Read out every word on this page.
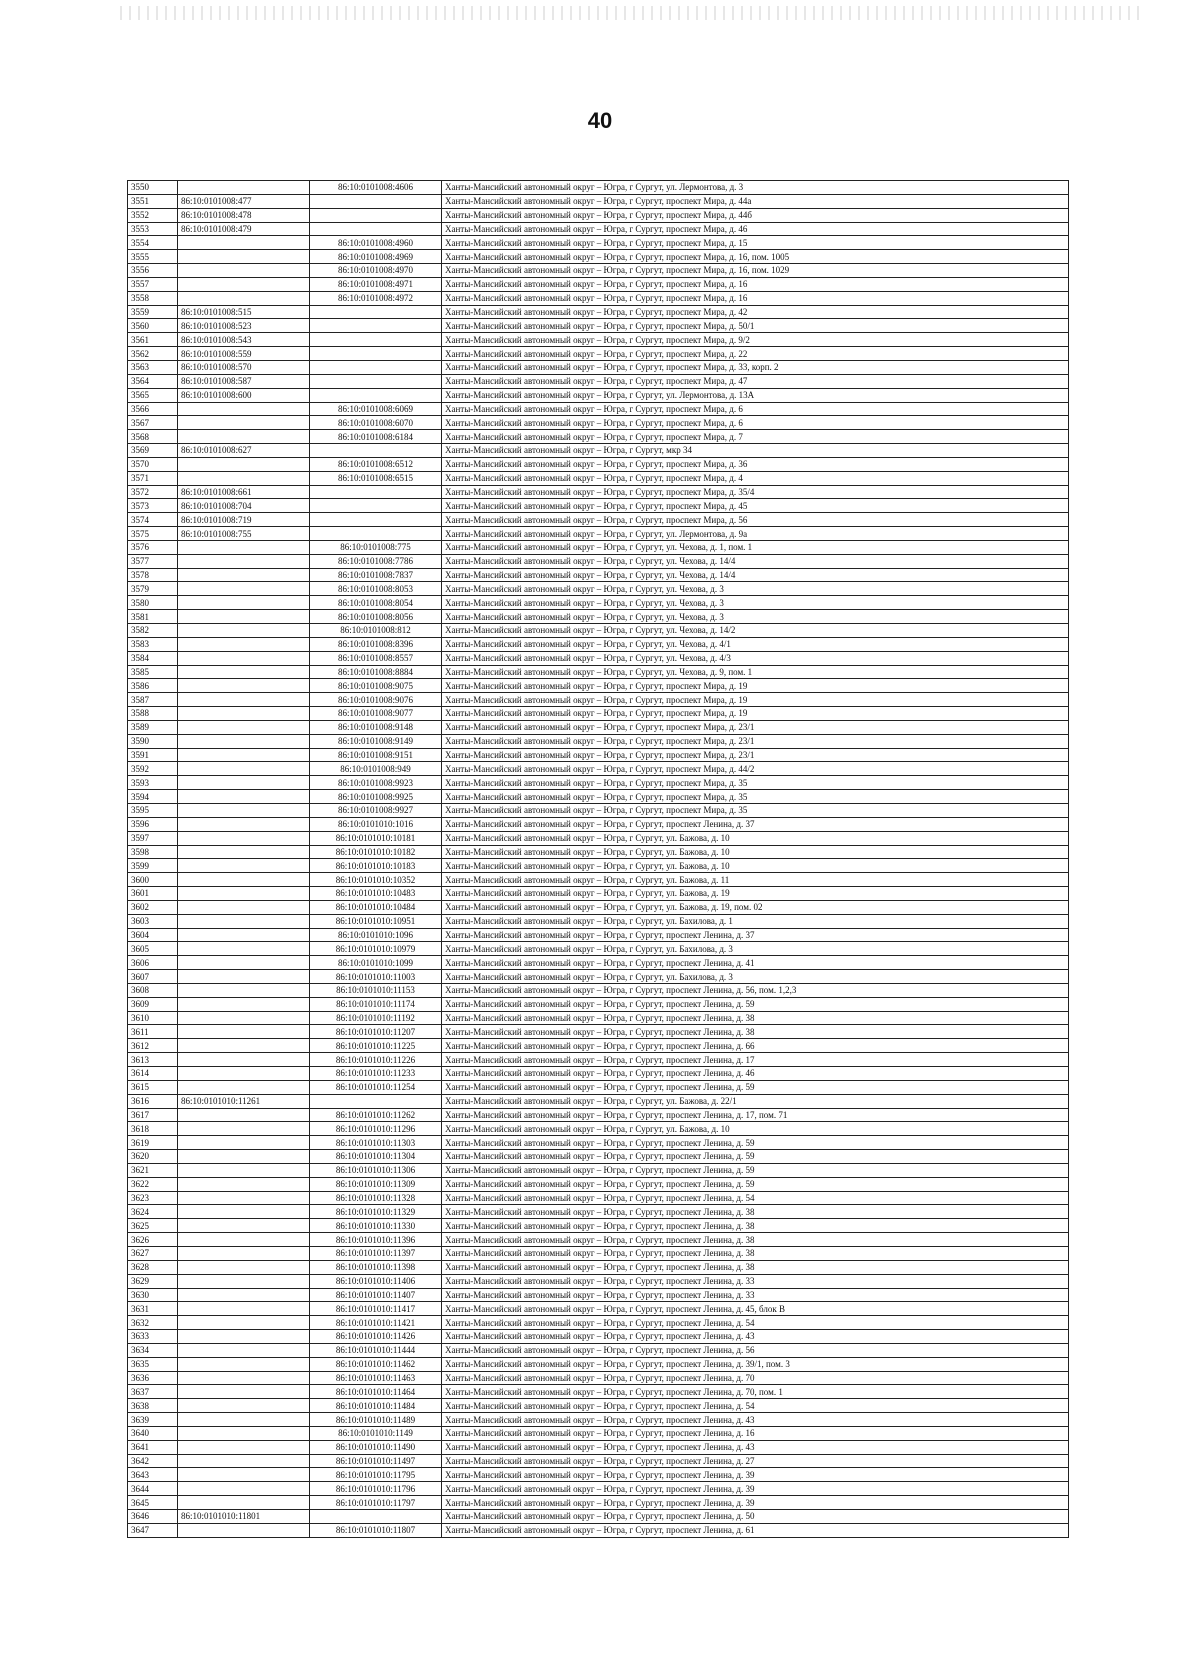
40
3550		86:10:0101008:4606	Ханты-Мансийский автономный округ – Югра, г Сургут, ул. Лермонтова, д. 3
3551	86:10:0101008:477		Ханты-Мансийский автономный округ – Югра, г Сургут, проспект Мира, д. 44а
3552	86:10:0101008:478		Ханты-Мансийский автономный округ – Югра, г Сургут, проспект Мира, д. 44б
3553	86:10:0101008:479		Ханты-Мансийский автономный округ – Югра, г Сургут, проспект Мира, д. 46
3554		86:10:0101008:4960	Ханты-Мансийский автономный округ – Югра, г Сургут, проспект Мира, д. 15
3555		86:10:0101008:4969	Ханты-Мансийский автономный округ – Югра, г Сургут, проспект Мира, д. 16, пом. 1005
3556		86:10:0101008:4970	Ханты-Мансийский автономный округ – Югра, г Сургут, проспект Мира, д. 16, пом. 1029
3557		86:10:0101008:4971	Ханты-Мансийский автономный округ – Югра, г Сургут, проспект Мира, д. 16
3558		86:10:0101008:4972	Ханты-Мансийский автономный округ – Югра, г Сургут, проспект Мира, д. 16
3559	86:10:0101008:515		Ханты-Мансийский автономный округ – Югра, г Сургут, проспект Мира, д. 42
3560	86:10:0101008:523		Ханты-Мансийский автономный округ – Югра, г Сургут, проспект Мира, д. 50/1
3561	86:10:0101008:543		Ханты-Мансийский автономный округ – Югра, г Сургут, проспект Мира, д. 9/2
3562	86:10:0101008:559		Ханты-Мансийский автономный округ – Югра, г Сургут, проспект Мира, д. 22
3563	86:10:0101008:570		Ханты-Мансийский автономный округ – Югра, г Сургут, проспект Мира, д. 33, корп. 2
3564	86:10:0101008:587		Ханты-Мансийский автономный округ – Югра, г Сургут, проспект Мира, д. 47
3565	86:10:0101008:600		Ханты-Мансийский автономный округ – Югра, г Сургут, ул. Лермонтова, д. 13А
3566		86:10:0101008:6069	Ханты-Мансийский автономный округ – Югра, г Сургут, проспект Мира, д. 6
3567		86:10:0101008:6070	Ханты-Мансийский автономный округ – Югра, г Сургут, проспект Мира, д. 6
3568		86:10:0101008:6184	Ханты-Мансийский автономный округ – Югра, г Сургут, проспект Мира, д. 7
3569	86:10:0101008:627		Ханты-Мансийский автономный округ – Югра, г Сургут, мкр 34
3570		86:10:0101008:6512	Ханты-Мансийский автономный округ – Югра, г Сургут, проспект Мира, д. 36
3571		86:10:0101008:6515	Ханты-Мансийский автономный округ – Югра, г Сургут, проспект Мира, д. 4
3572	86:10:0101008:661		Ханты-Мансийский автономный округ – Югра, г Сургут, проспект Мира, д. 35/4
3573	86:10:0101008:704		Ханты-Мансийский автономный округ – Югра, г Сургут, проспект Мира, д. 45
3574	86:10:0101008:719		Ханты-Мансийский автономный округ – Югра, г Сургут, проспект Мира, д. 56
3575	86:10:0101008:755		Ханты-Мансийский автономный округ – Югра, г Сургут, ул. Лермонтова, д. 9а
3576		86:10:0101008:775	Ханты-Мансийский автономный округ – Югра, г Сургут, ул. Чехова, д. 1, пом. 1
3577		86:10:0101008:7786	Ханты-Мансийский автономный округ – Югра, г Сургут, ул. Чехова, д. 14/4
3578		86:10:0101008:7837	Ханты-Мансийский автономный округ – Югра, г Сургут, ул. Чехова, д. 14/4
3579		86:10:0101008:8053	Ханты-Мансийский автономный округ – Югра, г Сургут, ул. Чехова, д. 3
3580		86:10:0101008:8054	Ханты-Мансийский автономный округ – Югра, г Сургут, ул. Чехова, д. 3
3581		86:10:0101008:8056	Ханты-Мансийский автономный округ – Югра, г Сургут, ул. Чехова, д. 3
3582		86:10:0101008:812	Ханты-Мансийский автономный округ – Югра, г Сургут, ул. Чехова, д. 14/2
3583		86:10:0101008:8396	Ханты-Мансийский автономный округ – Югра, г Сургут, ул. Чехова, д. 4/1
3584		86:10:0101008:8557	Ханты-Мансийский автономный округ – Югра, г Сургут, ул. Чехова, д. 4/3
3585		86:10:0101008:8884	Ханты-Мансийский автономный округ – Югра, г Сургут, ул. Чехова, д. 9, пом. 1
3586		86:10:0101008:9075	Ханты-Мансийский автономный округ – Югра, г Сургут, проспект Мира, д. 19
3587		86:10:0101008:9076	Ханты-Мансийский автономный округ – Югра, г Сургут, проспект Мира, д. 19
3588		86:10:0101008:9077	Ханты-Мансийский автономный округ – Югра, г Сургут, проспект Мира, д. 19
3589		86:10:0101008:9148	Ханты-Мансийский автономный округ – Югра, г Сургут, проспект Мира, д. 23/1
3590		86:10:0101008:9149	Ханты-Мансийский автономный округ – Югра, г Сургут, проспект Мира, д. 23/1
3591		86:10:0101008:9151	Ханты-Мансийский автономный округ – Югра, г Сургут, проспект Мира, д. 23/1
3592		86:10:0101008:949	Ханты-Мансийский автономный округ – Югра, г Сургут, проспект Мира, д. 44/2
3593		86:10:0101008:9923	Ханты-Мансийский автономный округ – Югра, г Сургут, проспект Мира, д. 35
3594		86:10:0101008:9925	Ханты-Мансийский автономный округ – Югра, г Сургут, проспект Мира, д. 35
3595		86:10:0101008:9927	Ханты-Мансийский автономный округ – Югра, г Сургут, проспект Мира, д. 35
3596		86:10:0101010:1016	Ханты-Мансийский автономный округ – Югра, г Сургут, проспект Ленина, д. 37
3597		86:10:0101010:10181	Ханты-Мансийский автономный округ – Югра, г Сургут, ул. Бажова, д. 10
3598		86:10:0101010:10182	Ханты-Мансийский автономный округ – Югра, г Сургут, ул. Бажова, д. 10
3599		86:10:0101010:10183	Ханты-Мансийский автономный округ – Югра, г Сургут, ул. Бажова, д. 10
3600		86:10:0101010:10352	Ханты-Мансийский автономный округ – Югра, г Сургут, ул. Бажова, д. 11
3601		86:10:0101010:10483	Ханты-Мансийский автономный округ – Югра, г Сургут, ул. Бажова, д. 19
3602		86:10:0101010:10484	Ханты-Мансийский автономный округ – Югра, г Сургут, ул. Бажова, д. 19, пом. 02
3603		86:10:0101010:10951	Ханты-Мансийский автономный округ – Югра, г Сургут, ул. Бахилова, д. 1
3604		86:10:0101010:1096	Ханты-Мансийский автономный округ – Югра, г Сургут, проспект Ленина, д. 37
3605		86:10:0101010:10979	Ханты-Мансийский автономный округ – Югра, г Сургут, ул. Бахилова, д. 3
3606		86:10:0101010:1099	Ханты-Мансийский автономный округ – Югра, г Сургут, проспект Ленина, д. 41
3607		86:10:0101010:11003	Ханты-Мансийский автономный округ – Югра, г Сургут, ул. Бахилова, д. 3
3608		86:10:0101010:11153	Ханты-Мансийский автономный округ – Югра, г Сургут, проспект Ленина, д. 56, пом. 1,2,3
3609		86:10:0101010:11174	Ханты-Мансийский автономный округ – Югра, г Сургут, проспект Ленина, д. 59
3610		86:10:0101010:11192	Ханты-Мансийский автономный округ – Югра, г Сургут, проспект Ленина, д. 38
3611		86:10:0101010:11207	Ханты-Мансийский автономный округ – Югра, г Сургут, проспект Ленина, д. 38
3612		86:10:0101010:11225	Ханты-Мансийский автономный округ – Югра, г Сургут, проспект Ленина, д. 66
3613		86:10:0101010:11226	Ханты-Мансийский автономный округ – Югра, г Сургут, проспект Ленина, д. 17
3614		86:10:0101010:11233	Ханты-Мансийский автономный округ – Югра, г Сургут, проспект Ленина, д. 46
3615		86:10:0101010:11254	Ханты-Мансийский автономный округ – Югра, г Сургут, проспект Ленина, д. 59
3616	86:10:0101010:11261		Ханты-Мансийский автономный округ – Югра, г Сургут, ул. Бажова, д. 22/1
3617		86:10:0101010:11262	Ханты-Мансийский автономный округ – Югра, г Сургут, проспект Ленина, д. 17, пом. 71
3618		86:10:0101010:11296	Ханты-Мансийский автономный округ – Югра, г Сургут, ул. Бажова, д. 10
3619		86:10:0101010:11303	Ханты-Мансийский автономный округ – Югра, г Сургут, проспект Ленина, д. 59
3620		86:10:0101010:11304	Ханты-Мансийский автономный округ – Югра, г Сургут, проспект Ленина, д. 59
3621		86:10:0101010:11306	Ханты-Мансийский автономный округ – Югра, г Сургут, проспект Ленина, д. 59
3622		86:10:0101010:11309	Ханты-Мансийский автономный округ – Югра, г Сургут, проспект Ленина, д. 59
3623		86:10:0101010:11328	Ханты-Мансийский автономный округ – Югра, г Сургут, проспект Ленина, д. 54
3624		86:10:0101010:11329	Ханты-Мансийский автономный округ – Югра, г Сургут, проспект Ленина, д. 38
3625		86:10:0101010:11330	Ханты-Мансийский автономный округ – Югра, г Сургут, проспект Ленина, д. 38
3626		86:10:0101010:11396	Ханты-Мансийский автономный округ – Югра, г Сургут, проспект Ленина, д. 38
3627		86:10:0101010:11397	Ханты-Мансийский автономный округ – Югра, г Сургут, проспект Ленина, д. 38
3628		86:10:0101010:11398	Ханты-Мансийский автономный округ – Югра, г Сургут, проспект Ленина, д. 38
3629		86:10:0101010:11406	Ханты-Мансийский автономный округ – Югра, г Сургут, проспект Ленина, д. 33
3630		86:10:0101010:11407	Ханты-Мансийский автономный округ – Югра, г Сургут, проспект Ленина, д. 33
3631		86:10:0101010:11417	Ханты-Мансийский автономный округ – Югра, г Сургут, проспект Ленина, д. 45, блок В
3632		86:10:0101010:11421	Ханты-Мансийский автономный округ – Югра, г Сургут, проспект Ленина, д. 54
3633		86:10:0101010:11426	Ханты-Мансийский автономный округ – Югра, г Сургут, проспект Ленина, д. 43
3634		86:10:0101010:11444	Ханты-Мансийский автономный округ – Югра, г Сургут, проспект Ленина, д. 56
3635		86:10:0101010:11462	Ханты-Мансийский автономный округ – Югра, г Сургут, проспект Ленина, д. 39/1, пом. 3
3636		86:10:0101010:11463	Ханты-Мансийский автономный округ – Югра, г Сургут, проспект Ленина, д. 70
3637		86:10:0101010:11464	Ханты-Мансийский автономный округ – Югра, г Сургут, проспект Ленина, д. 70, пом. 1
3638		86:10:0101010:11484	Ханты-Мансийский автономный округ – Югра, г Сургут, проспект Ленина, д. 54
3639		86:10:0101010:11489	Ханты-Мансийский автономный округ – Югра, г Сургут, проспект Ленина, д. 43
3640		86:10:0101010:1149	Ханты-Мансийский автономный округ – Югра, г Сургут, проспект Ленина, д. 16
3641		86:10:0101010:11490	Ханты-Мансийский автономный округ – Югра, г Сургут, проспект Ленина, д. 43
3642		86:10:0101010:11497	Ханты-Мансийский автономный округ – Югра, г Сургут, проспект Ленина, д. 27
3643		86:10:0101010:11795	Ханты-Мансийский автономный округ – Югра, г Сургут, проспект Ленина, д. 39
3644		86:10:0101010:11796	Ханты-Мансийский автономный округ – Югра, г Сургут, проспект Ленина, д. 39
3645		86:10:0101010:11797	Ханты-Мансийский автономный округ – Югра, г Сургут, проспект Ленина, д. 39
3646	86:10:0101010:11801		Ханты-Мансийский автономный округ – Югра, г Сургут, проспект Ленина, д. 50
3647		86:10:0101010:11807	Ханты-Мансийский автономный округ – Югра, г Сургут, проспект Ленина, д. 61
